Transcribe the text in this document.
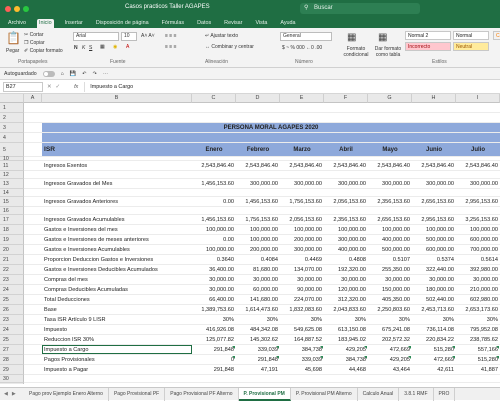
Casos practicos Taller AGAPES	⚲ Buscar
Archivo	Inicio	Insertar	Disposición de página	Fórmulas	Datos	Revisar	Vista	Ayuda
📋
Pegar
✂ Cortar
❐ Copiar
✐ Copiar formato
Portapapeles
Arial	10	A˄ A˅
N K S ▦ ◉ A
Fuente
≡ ≡ ≡
≡ ≡ ≡
↵ Ajustar texto
↔ Combinar y centrar
Alineación
General
$ ~ % 000 ←0 .00
Número
▦
Formato condicional
▦
Dar formato como tabla
Normal 2	Normal	C
Incorrecto	Neutral
Estilos
Autoguardado	⌂ 💾 ↶ ↷ ⋯
B27	✕ ✓	fx	Impuesto a Cargo
A	B	C	D	E	F	G	H	I
1
2
3	PERSONA MORAL AGAPES 2020
4
5	ISR	Enero	Febrero	Marzo	Abril	Mayo	Junio	Julio
10
11	Ingresos Exentos	2,543,846.40	2,543,846.40	2,543,846.40	2,543,846.40	2,543,846.40	2,543,846.40	2,543,846.40
12
13	Ingresos Gravados del Mes	1,456,153.60	300,000.00	300,000.00	300,000.00	300,000.00	300,000.00	300,000.00
14
15	Ingresos Gravados Anteriores	0.00	1,456,153.60	1,756,153.60	2,056,153.60	2,356,153.60	2,656,153.60	2,956,153.60
16
17	Ingresos Gravados Acumulables	1,456,153.60	1,756,153.60	2,056,153.60	2,356,153.60	2,656,153.60	2,956,153.60	3,256,153.60
18	Gastos e Inversiones del mes	100,000.00	100,000.00	100,000.00	100,000.00	100,000.00	100,000.00	100,000.00
19	Gastos e Inversiones de meses anteriores	0.00	100,000.00	200,000.00	300,000.00	400,000.00	500,000.00	600,000.00
20	Gastos e Inversiones Acumulables	100,000.00	200,000.00	300,000.00	400,000.00	500,000.00	600,000.00	700,000.00
21	Proporcion Deduccion Gastos e Inversiones	0.3640	0.4084	0.4469	0.4808	0.5107	0.5374	0.5614
22	Gastos e Inversiones Deducibles Acumulados	36,400.00	81,680.00	134,070.00	192,320.00	255,350.00	322,440.00	392,980.00
23	Compras del mes	30,000.00	30,000.00	30,000.00	30,000.00	30,000.00	30,000.00	30,000.00
24	Compras Deducibles Acumuladas	30,000.00	60,000.00	90,000.00	120,000.00	150,000.00	180,000.00	210,000.00
25	Total Deducciones	66,400.00	141,680.00	224,070.00	312,320.00	405,350.00	502,440.00	602,980.00
26	Base	1,389,753.60	1,614,473.60	1,832,083.60	2,043,833.60	2,250,803.60	2,453,713.60	2,653,173.60
23	Tasa ISR Artículo 9 LISR	30%	30%	30%	30%	30%	30%	30%
24	Impuesto	416,926.08	484,342.08	549,625.08	613,150.08	675,241.08	736,114.08	795,952.08
25	Reduccion ISR 30%	125,077.82	145,302.62	164,887.52	183,945.02	202,572.32	220,834.22	238,785.62
27	Impuesto a Cargo	291,848	339,039	384,738	429,205	472,669	515,280	557,166
28	Pagos Provisionales	0	291,848	339,039	384,738	429,205	472,669	515,280
29	Impuesto a Pagar	291,848	47,191	45,698	44,468	43,464	42,611	41,887
30
◀ ▶	Pago prov Ejemplo Enero Alterno	Pago Provisional PF	Pago Provisional PF Alterno	P. Provisional PM	P. Provisional PM Alterno	Calculo Anual	3.8.1 RMF	PRO
